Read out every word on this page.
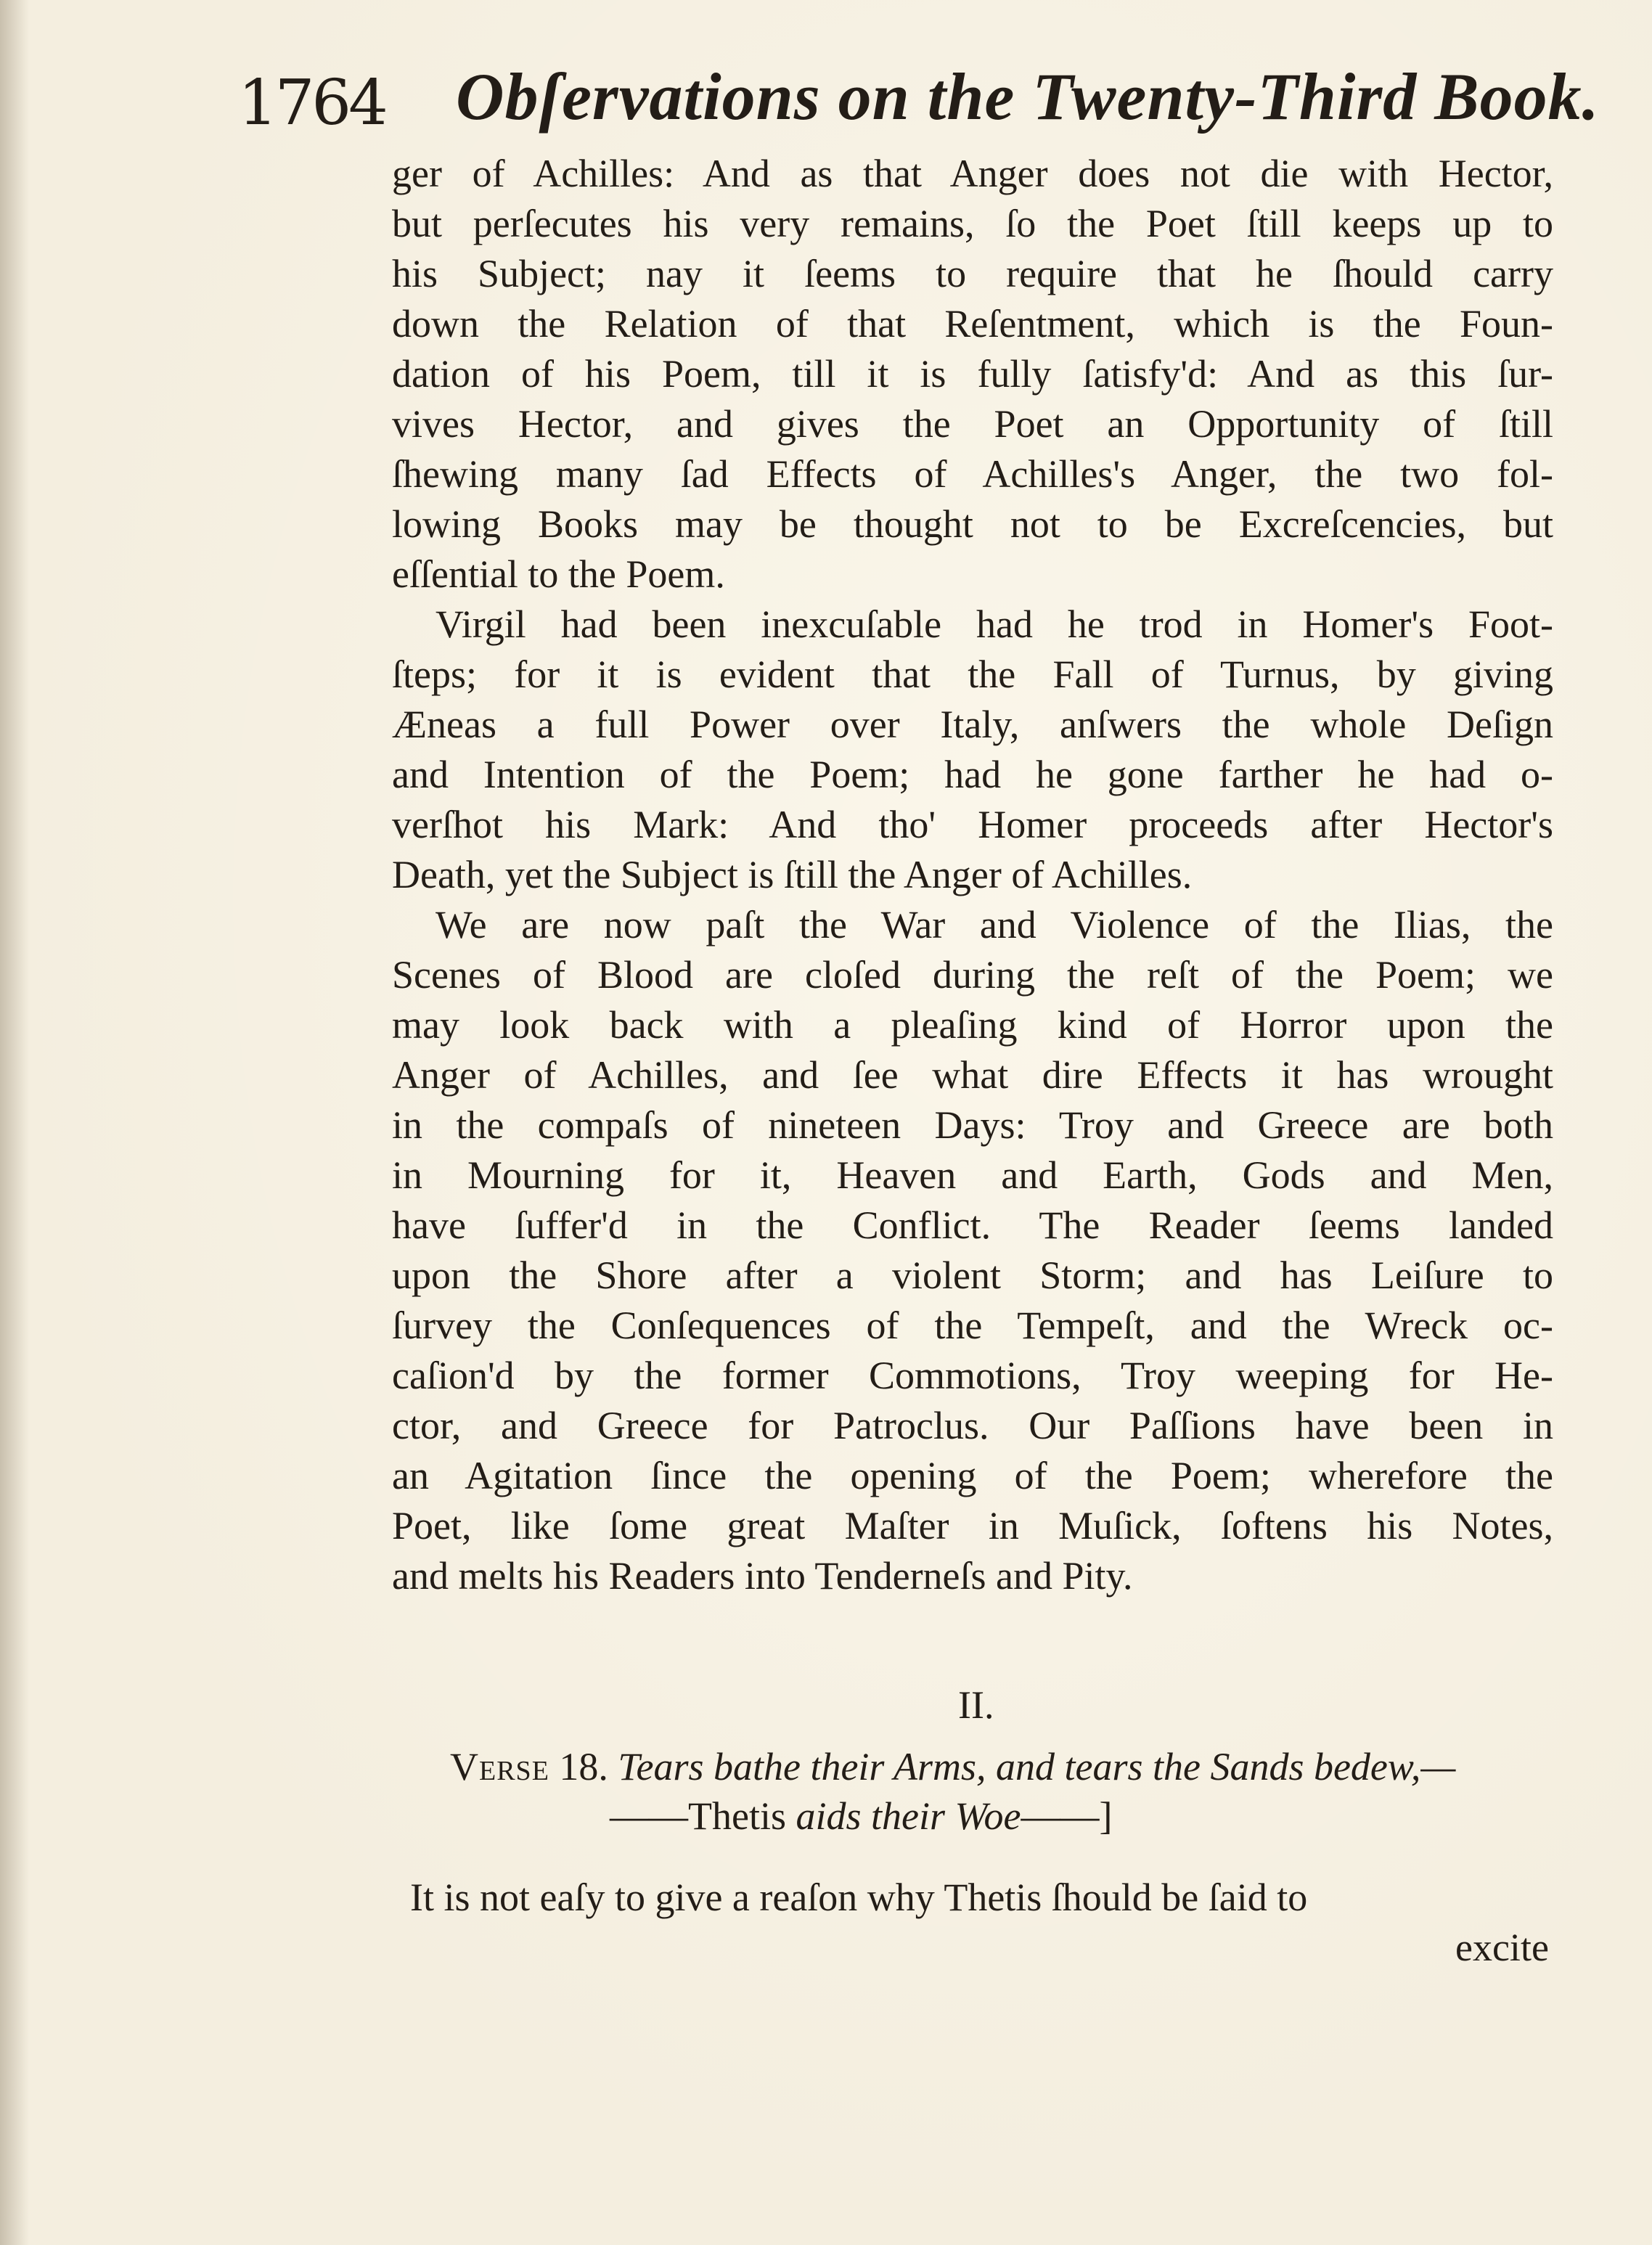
1764 Obſervations on the Twenty-Third Book.
ger of Achilles: And as that Anger does not die with Hector,
but perſecutes his very remains, ſo the Poet ſtill keeps up to
his Subject; nay it ſeems to require that he ſhould carry
down the Relation of that Reſentment, which is the Foun-
dation of his Poem, till it is fully ſatisfy'd: And as this ſur-
vives Hector, and gives the Poet an Opportunity of ſtill
ſhewing many ſad Effects of Achilles's Anger, the two fol-
lowing Books may be thought not to be Excreſcencies, but
eſſential to the Poem.
Virgil had been inexcuſable had he trod in Homer's Foot-
ſteps; for it is evident that the Fall of Turnus, by giving
Æneas a full Power over Italy, anſwers the whole Deſign
and Intention of the Poem; had he gone farther he had o-
verſhot his Mark: And tho' Homer proceeds after Hector's
Death, yet the Subject is ſtill the Anger of Achilles.
We are now paſt the War and Violence of the Ilias, the
Scenes of Blood are cloſed during the reſt of the Poem; we
may look back with a pleaſing kind of Horror upon the
Anger of Achilles, and ſee what dire Effects it has wrought
in the compaſs of nineteen Days: Troy and Greece are both
in Mourning for it, Heaven and Earth, Gods and Men,
have ſuffer'd in the Conflict. The Reader ſeems landed
upon the Shore after a violent Storm; and has Leiſure to
ſurvey the Conſequences of the Tempeſt, and the Wreck oc-
caſion'd by the former Commotions, Troy weeping for He-
ctor, and Greece for Patroclus. Our Paſſions have been in
an Agitation ſince the opening of the Poem; wherefore the
Poet, like ſome great Maſter in Muſick, ſoftens his Notes,
and melts his Readers into Tenderneſs and Pity.
II.
Verse 18. Tears bathe their Arms, and tears the Sands bedew,—
——Thetis aids their Woe——]
It is not eaſy to give a reaſon why Thetis ſhould be ſaid to
excite
